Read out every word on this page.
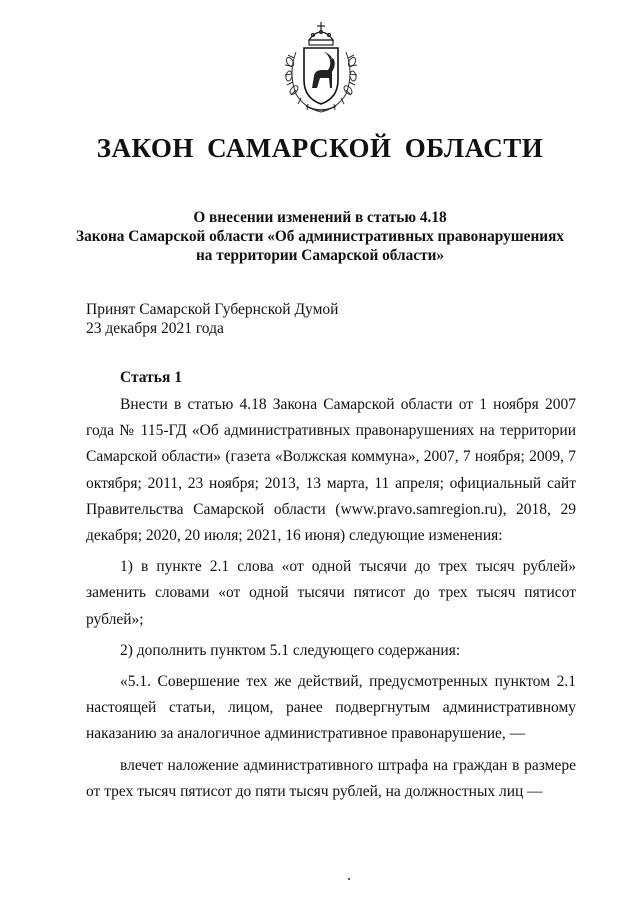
ЗАКОН САМАРСКОЙ ОБЛАСТИ
О внесении изменений в статью 4.18
Закона Самарской области «Об административных правонарушениях
на территории Самарской области»
Принят Самарской Губернской Думой
23 декабря 2021 года
Статья 1

Внести в статью 4.18 Закона Самарской области от 1 ноября 2007 года № 115-ГД «Об административных правонарушениях на территории Самарской области» (газета «Волжская коммуна», 2007, 7 ноября; 2009, 7 октября; 2011, 23 ноября; 2013, 13 марта, 11 апреля; официальный сайт Правительства Самарской области (www.pravo.samregion.ru), 2018, 29 декабря; 2020, 20 июля; 2021, 16 июня) следующие изменения:

1) в пункте 2.1 слова «от одной тысячи до трех тысяч рублей» заменить словами «от одной тысячи пятисот до трех тысяч пятисот рублей»;

2) дополнить пунктом 5.1 следующего содержания:

«5.1. Совершение тех же действий, предусмотренных пунктом 2.1 настоящей статьи, лицом, ранее подвергнутым административному наказанию за аналогичное административное правонарушение, —

влечет наложение административного штрафа на граждан в размере от трех тысяч пятисот до пяти тысяч рублей, на должностных лиц —
